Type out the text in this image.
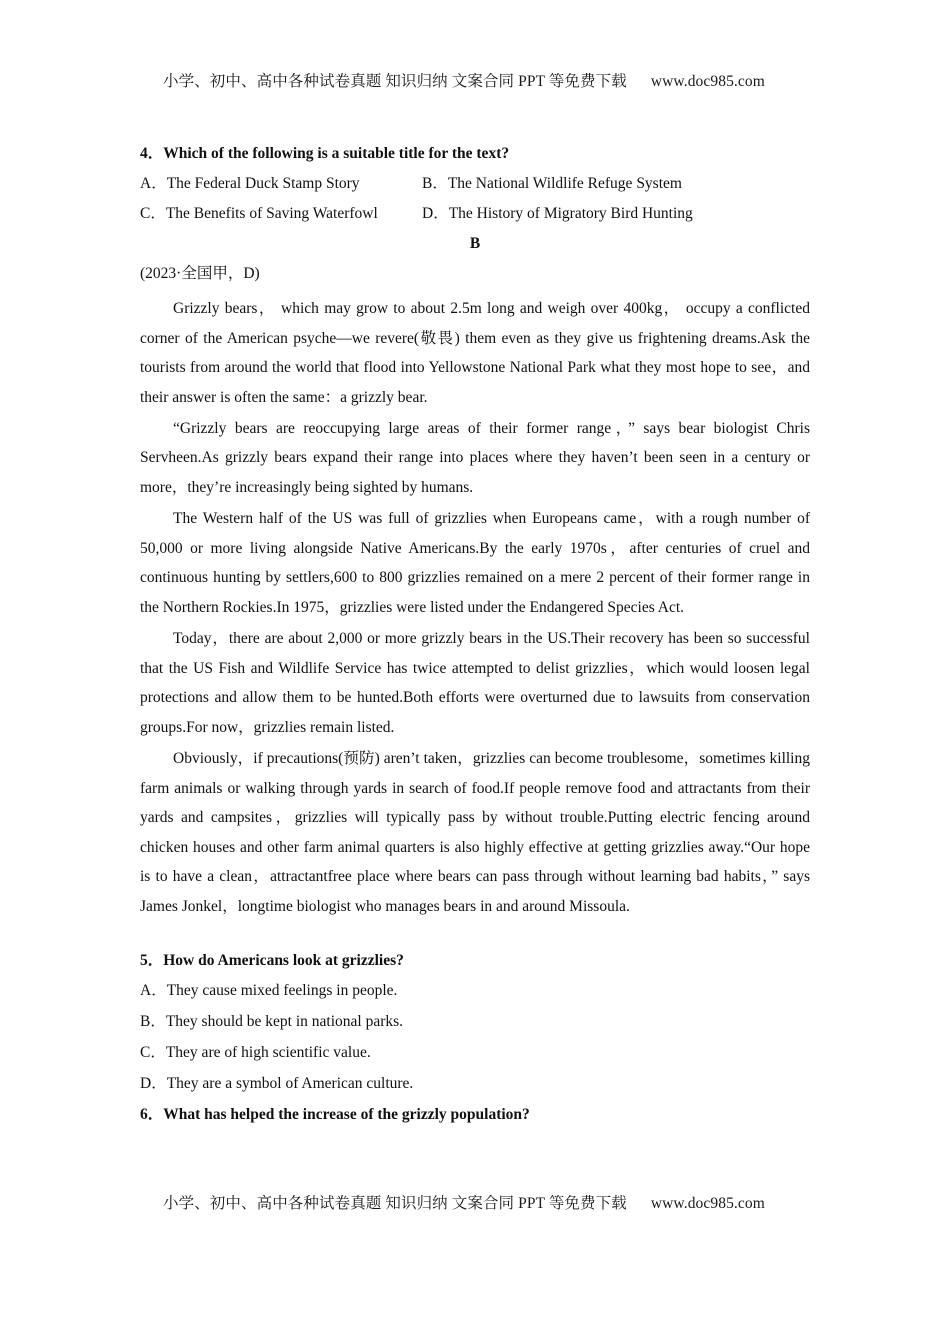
小学、初中、高中各种试卷真题 知识归纳 文案合同 PPT 等免费下载 www.doc985.com
4．Which of the following is a suitable title for the text?
A．The Federal Duck Stamp Story	B．The National Wildlife Refuge System
C．The Benefits of Saving Waterfowl	D．The History of Migratory Bird Hunting
B
(2023·全国甲，D)

Grizzly bears， which may grow to about 2.5m long and weigh over 400kg， occupy a conflicted corner of the American psyche—we revere(敬畏) them even as they give us frightening dreams.Ask the tourists from around the world that flood into Yellowstone National Park what they most hope to see，and their answer is often the same：a grizzly bear.

“Grizzly bears are reoccupying large areas of their former range，” says bear biologist Chris Servheen.As grizzly bears expand their range into places where they haven’t been seen in a century or more，they’re increasingly being sighted by humans.

The Western half of the US was full of grizzlies when Europeans came，with a rough number of 50,000 or more living alongside Native Americans.By the early 1970s，after centuries of cruel and continuous hunting by settlers,600 to 800 grizzlies remained on a mere 2 percent of their former range in the Northern Rockies.In 1975，grizzlies were listed under the Endangered Species Act.

Today，there are about 2,000 or more grizzly bears in the US.Their recovery has been so successful that the US Fish and Wildlife Service has twice attempted to delist grizzlies，which would loosen legal protections and allow them to be hunted.Both efforts were overturned due to lawsuits from conservation groups.For now，grizzlies remain listed.

Obviously，if precautions(预防) aren’t taken，grizzlies can become troublesome，sometimes killing farm animals or walking through yards in search of food.If people remove food and attractants from their yards and campsites，grizzlies will typically pass by without trouble.Putting electric fencing around chicken houses and other farm animal quarters is also highly effective at getting grizzlies away.“Our hope is to have a clean，attractantfree place where bears can pass through without learning bad habits，” says James Jonkel，longtime biologist who manages bears in and around Missoula.

5．How do Americans look at grizzlies?
A．They cause mixed feelings in people.
B．They should be kept in national parks.
C．They are of high scientific value.
D．They are a symbol of American culture.
6．What has helped the increase of the grizzly population?
小学、初中、高中各种试卷真题 知识归纳 文案合同 PPT 等免费下载 www.doc985.com
